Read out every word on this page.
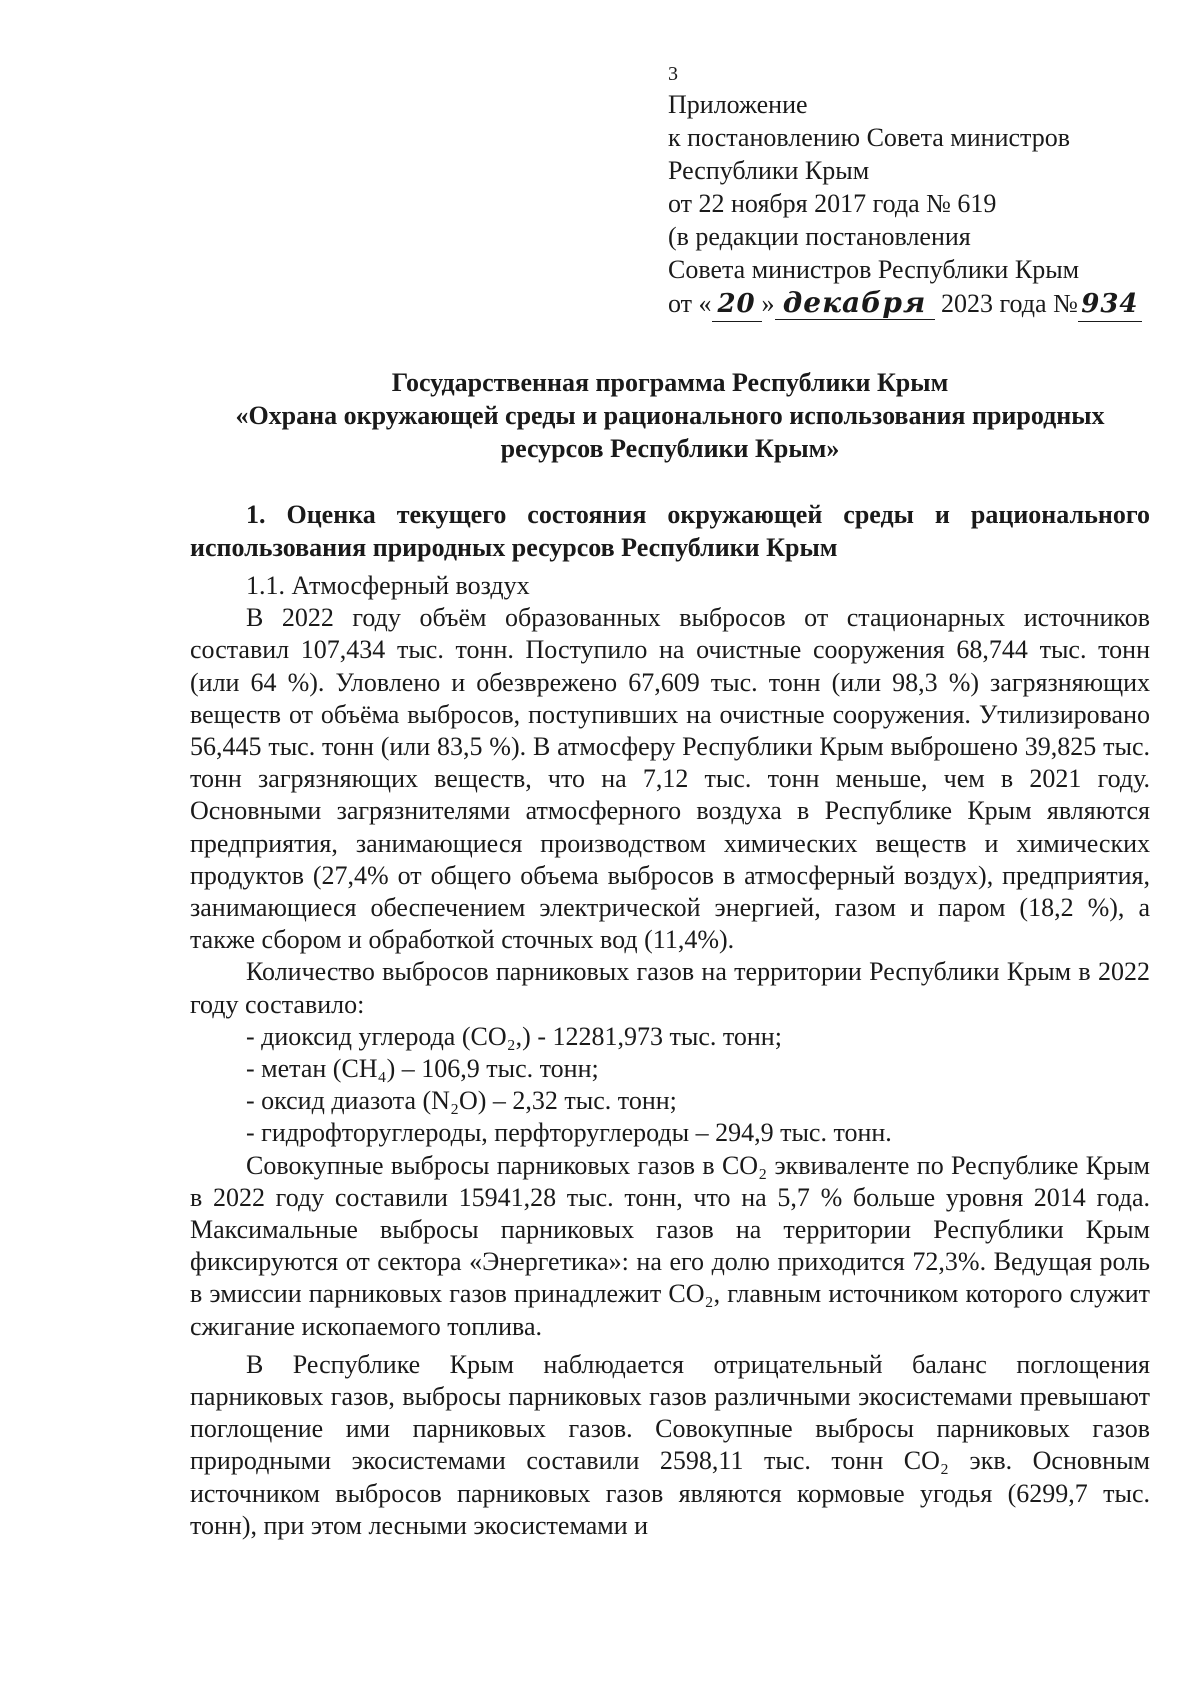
3
Приложение
к постановлению Совета министров
Республики Крым
от 22 ноября 2017 года № 619
(в редакции постановления
Совета министров Республики Крым
от « 20 » декабря 2023 года № 934
Государственная программа Республики Крым
«Охрана окружающей среды и рационального использования природных ресурсов Республики Крым»
1. Оценка текущего состояния окружающей среды и рационального использования природных ресурсов Республики Крым
1.1. Атмосферный воздух

В 2022 году объём образованных выбросов от стационарных источников составил 107,434 тыс. тонн. Поступило на очистные сооружения 68,744 тыс. тонн (или 64 %). Уловлено и обезврежено 67,609 тыс. тонн (или 98,3 %) загрязняющих веществ от объёма выбросов, поступивших на очистные сооружения. Утилизировано 56,445 тыс. тонн (или 83,5 %). В атмосферу Республики Крым выброшено 39,825 тыс. тонн загрязняющих веществ, что на 7,12 тыс. тонн меньше, чем в 2021 году. Основными загрязнителями атмосферного воздуха в Республике Крым являются предприятия, занимающиеся производством химических веществ и химических продуктов (27,4% от общего объема выбросов в атмосферный воздух), предприятия, занимающиеся обеспечением электрической энергией, газом и паром (18,2 %), а также сбором и обработкой сточных вод (11,4%).

Количество выбросов парниковых газов на территории Республики Крым в 2022 году составило:

- диоксид углерода (CO₂,) - 12281,973 тыс. тонн;
- метан (CH₄) – 106,9 тыс. тонн;
- оксид диазота (N₂O) – 2,32 тыс. тонн;
- гидрофторуглероды, перфторуглероды – 294,9 тыс. тонн.

Совокупные выбросы парниковых газов в CO₂ эквиваленте по Республике Крым в 2022 году составили 15941,28 тыс. тонн, что на 5,7 % больше уровня 2014 года. Максимальные выбросы парниковых газов на территории Республики Крым фиксируются от сектора «Энергетика»: на его долю приходится 72,3%. Ведущая роль в эмиссии парниковых газов принадлежит CO₂, главным источником которого служит сжигание ископаемого топлива.

В Республике Крым наблюдается отрицательный баланс поглощения парниковых газов, выбросы парниковых газов различными экосистемами превышают поглощение ими парниковых газов. Совокупные выбросы парниковых газов природными экосистемами составили 2598,11 тыс. тонн CO₂ экв. Основным источником выбросов парниковых газов являются кормовые угодья (6299,7 тыс. тонн), при этом лесными экосистемами и
